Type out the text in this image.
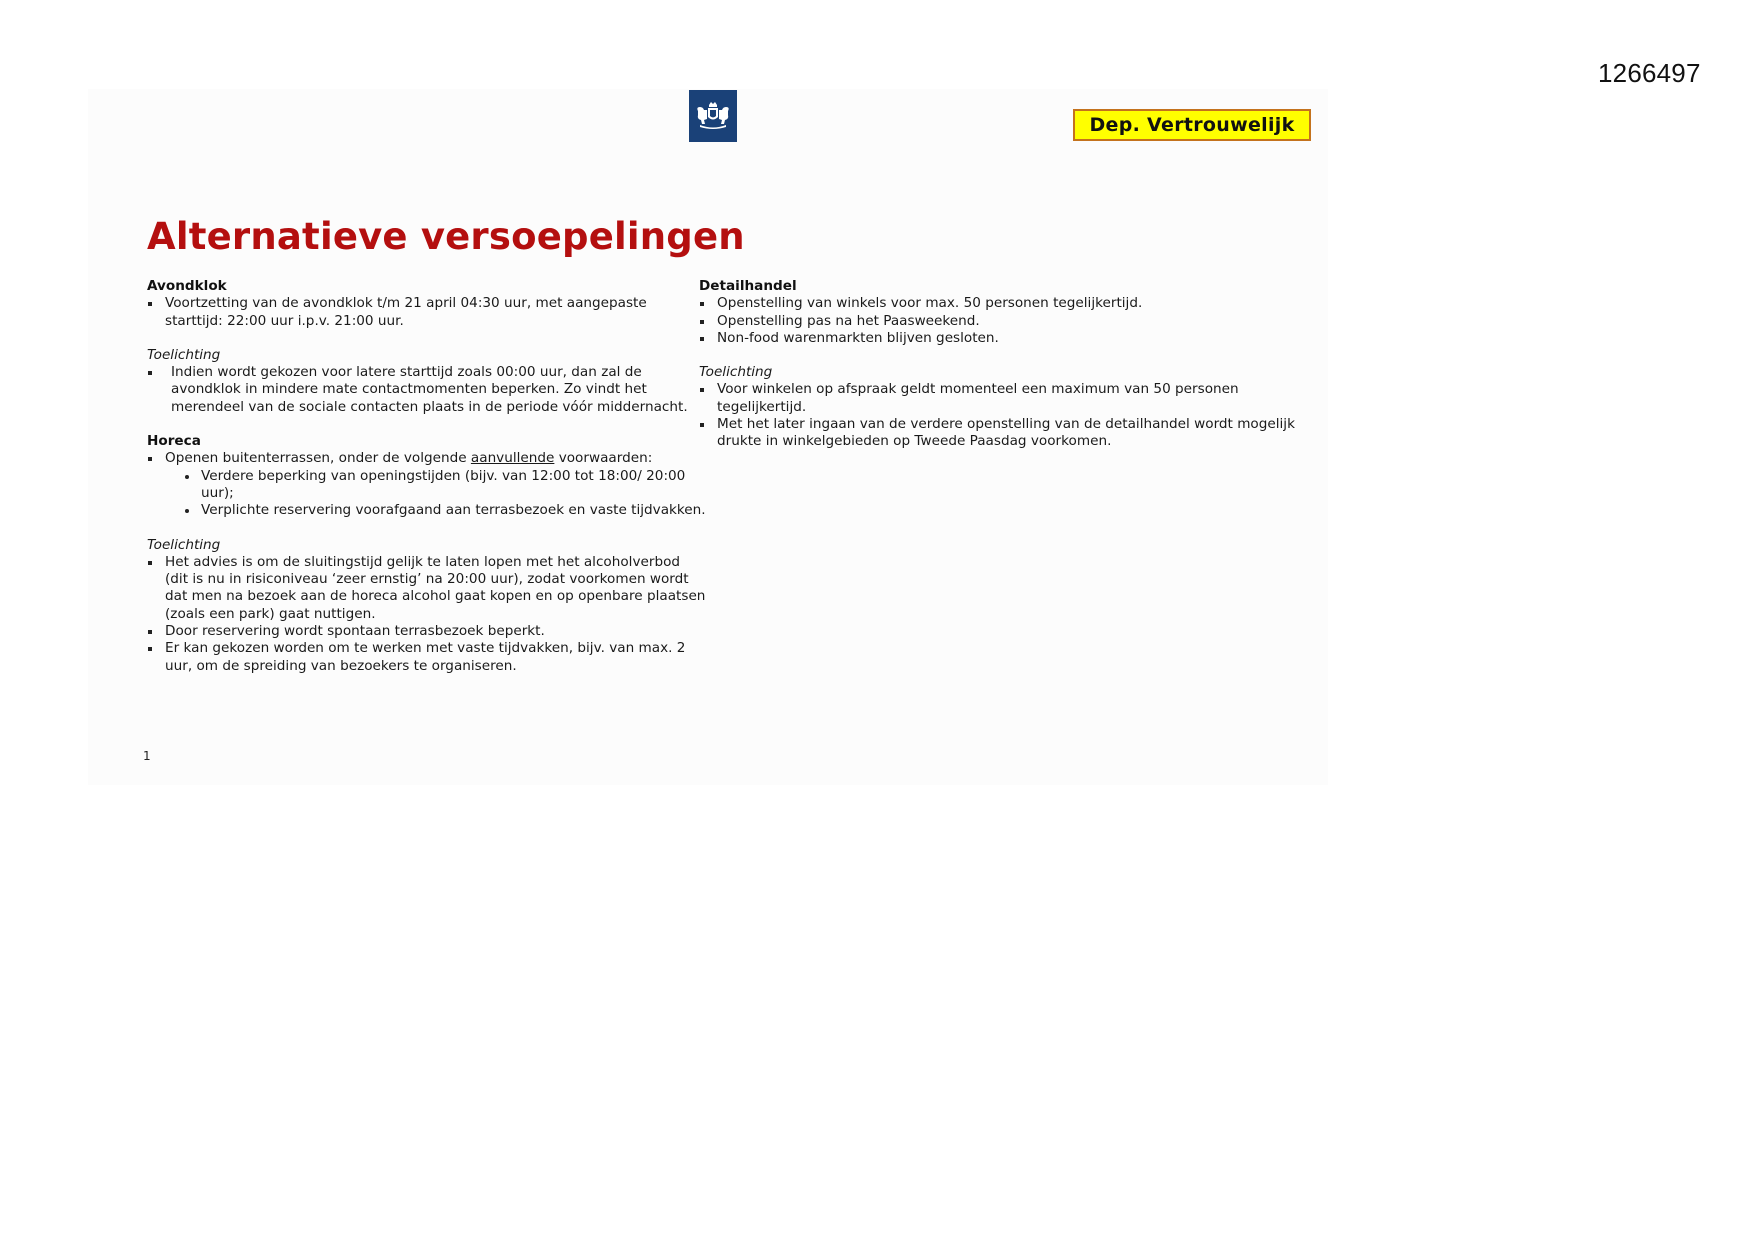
1266497
Dep. Vertrouwelijk
Alternatieve versoepelingen
Avondklok
Voortzetting van de avondklok t/m 21 april 04:30 uur, met aangepaste starttijd: 22:00 uur i.p.v. 21:00 uur.
Toelichting
Indien wordt gekozen voor latere starttijd zoals 00:00 uur, dan zal de avondklok in mindere mate contactmomenten beperken. Zo vindt het merendeel van de sociale contacten plaats in de periode vóór middernacht.
Horeca
Openen buitenterrassen, onder de volgende aanvullende voorwaarden:
Verdere beperking van openingstijden (bijv. van 12:00 tot 18:00/ 20:00 uur);
Verplichte reservering voorafgaand aan terrasbezoek en vaste tijdvakken.
Toelichting
Het advies is om de sluitingstijd gelijk te laten lopen met het alcoholverbod (dit is nu in risiconiveau ‘zeer ernstig’ na 20:00 uur), zodat voorkomen wordt dat men na bezoek aan de horeca alcohol gaat kopen en op openbare plaatsen (zoals een park) gaat nuttigen.
Door reservering wordt spontaan terrasbezoek beperkt.
Er kan gekozen worden om te werken met vaste tijdvakken, bijv. van max. 2 uur, om de spreiding van bezoekers te organiseren.
Detailhandel
Openstelling van winkels voor max. 50 personen tegelijkertijd.
Openstelling pas na het Paasweekend.
Non-food warenmarkten blijven gesloten.
Toelichting
Voor winkelen op afspraak geldt momenteel een maximum van 50 personen tegelijkertijd.
Met het later ingaan van de verdere openstelling van de detailhandel wordt mogelijk drukte in winkelgebieden op Tweede Paasdag voorkomen.
1
